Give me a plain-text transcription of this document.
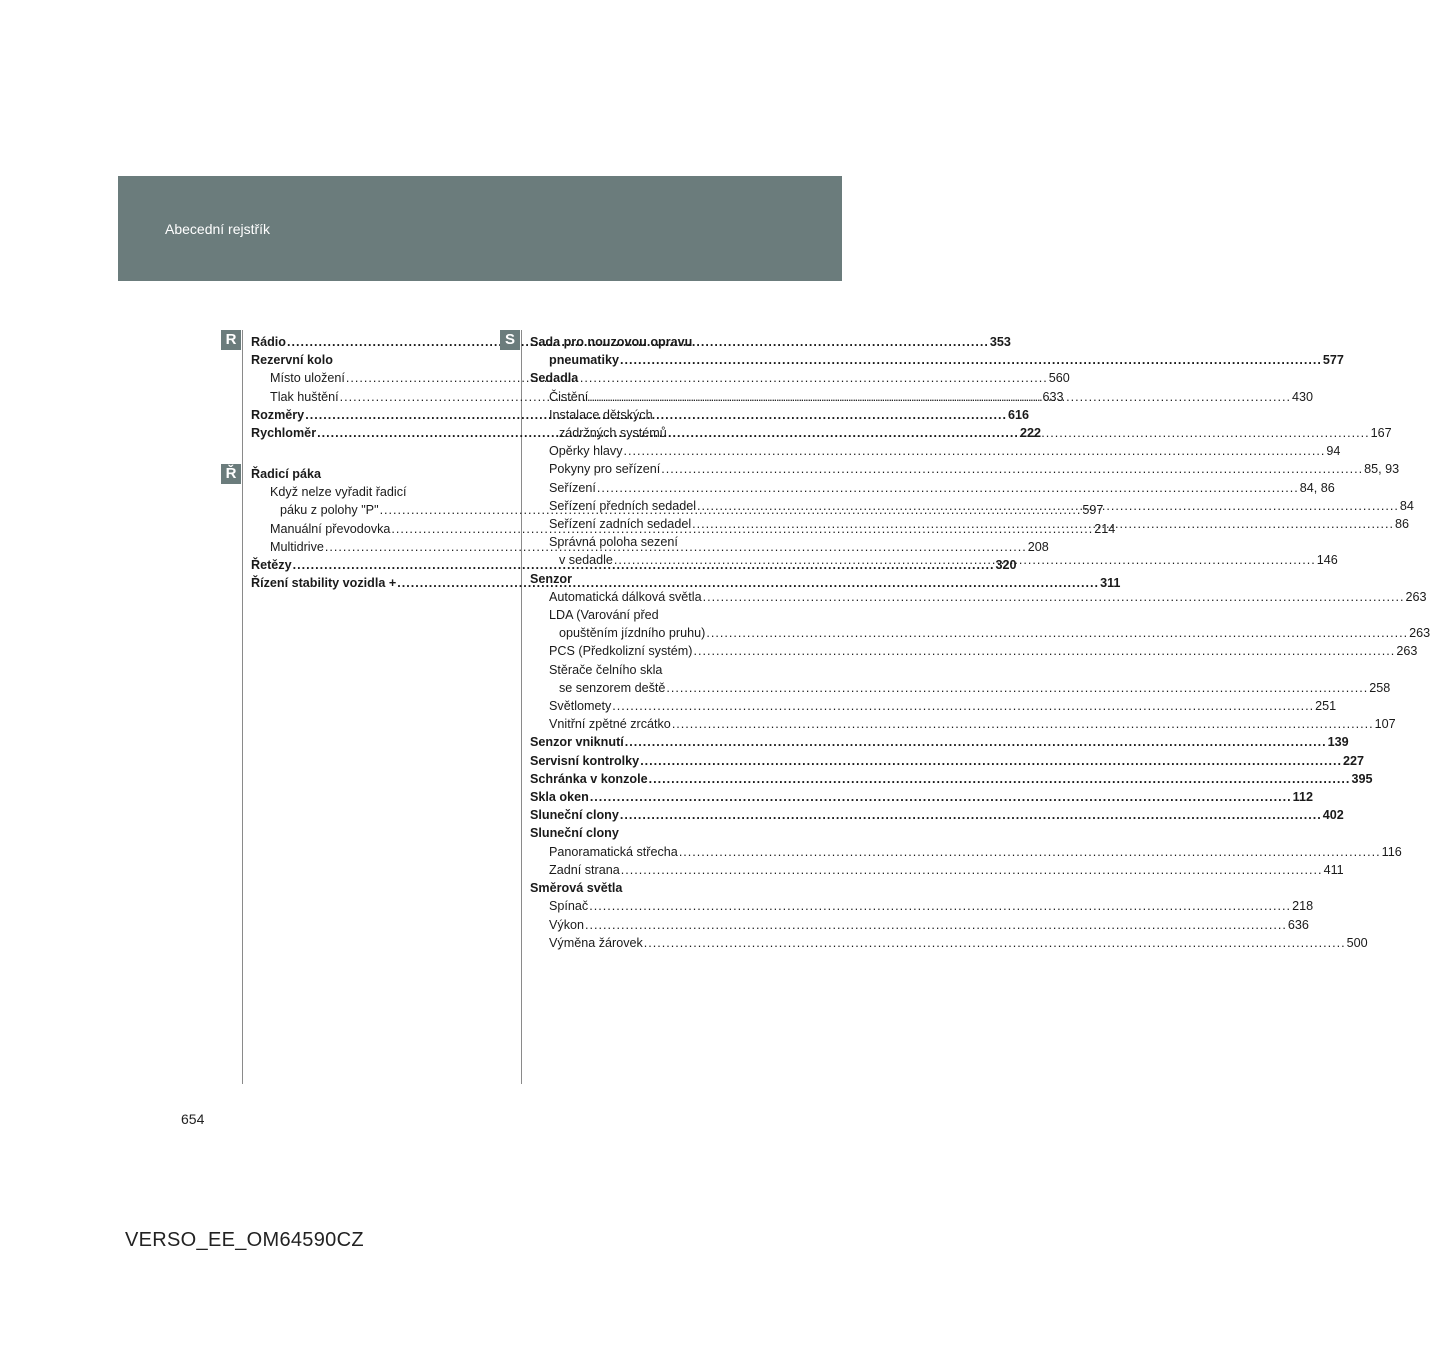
Abecední rejstřík
R	Rádio .....	353
Rezervní kolo
Místo uložení .....	560
Tlak huštění .....	633
Rozměry .....	616
Rychloměr .....	222
Ř	Řadicí páka
Když nelze vyřadit řadicí
páku z polohy "P" .....	597
Manuální převodovka .....	214
Multidrive .....	208
Řetězy .....	320
Řízení stability vozidla + .....	311
S	Sada pro nouzovou opravu
pneumatiky .....	577
Sedadla
Čistění .....	430
Instalace dětských
zádržných systémů .....	167
Opěrky hlavy .....	94
Pokyny pro seřízení .....	85, 93
Seřízení .....	84, 86
Seřízení předních sedadel .....	84
Seřízení zadních sedadel .....	86
Správná poloha sezení
v sedadle .....	146
Senzor
Automatická dálková světla .....	263
LDA (Varování před
opuštěním jízdního pruhu) .....	263
PCS (Předkolizní systém) .....	263
Stěrače čelního skla
se senzorem deště .....	258
Světlomety .....	251
Vnitřní zpětné zrcátko .....	107
Senzor vniknutí .....	139
Servisní kontrolky .....	227
Schránka v konzole .....	395
Skla oken .....	112
Sluneční clony .....	402
Sluneční clony
Panoramatická střecha .....	116
Zadní strana .....	411
Směrová světla
Spínač .....	218
Výkon .....	636
Výměna žárovek .....	500
654
VERSO_EE_OM64590CZ
